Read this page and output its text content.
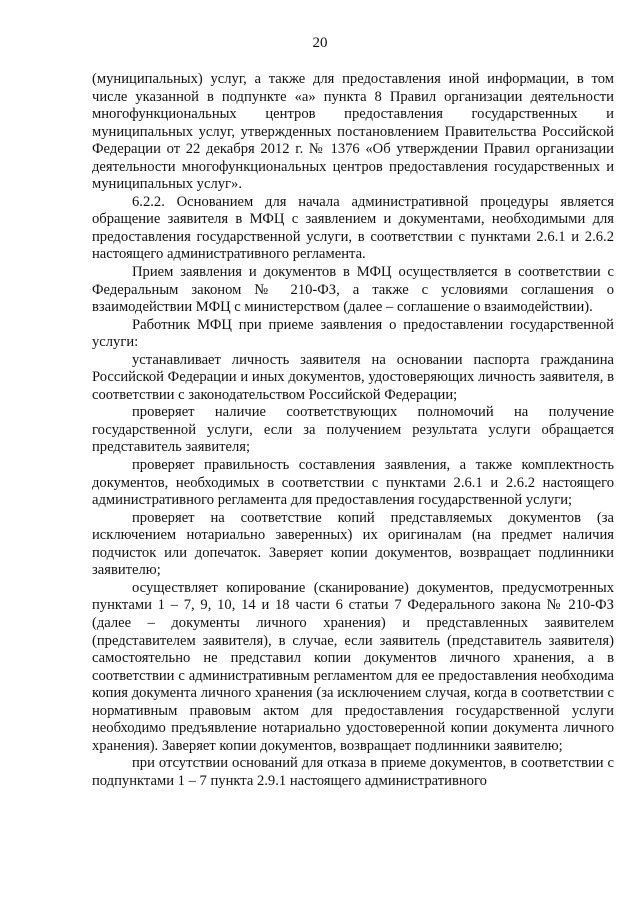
20

(муниципальных) услуг, а также для предоставления иной информации, в том числе указанной в подпункте «а» пункта 8 Правил организации деятельности многофункциональных центров предоставления государственных и муниципальных услуг, утвержденных постановлением Правительства Российской Федерации от 22 декабря 2012 г. № 1376 «Об утверждении Правил организации деятельности многофункциональных центров предоставления государственных и муниципальных услуг».

6.2.2. Основанием для начала административной процедуры является обращение заявителя в МФЦ с заявлением и документами, необходимыми для предоставления государственной услуги, в соответствии с пунктами 2.6.1 и 2.6.2 настоящего административного регламента.

Прием заявления и документов в МФЦ осуществляется в соответствии с Федеральным законом № 210-ФЗ, а также с условиями соглашения о взаимодействии МФЦ с министерством (далее – соглашение о взаимодействии).

Работник МФЦ при приеме заявления о предоставлении государственной услуги:

устанавливает личность заявителя на основании паспорта гражданина Российской Федерации и иных документов, удостоверяющих личность заявителя, в соответствии с законодательством Российской Федерации;

проверяет наличие соответствующих полномочий на получение государственной услуги, если за получением результата услуги обращается представитель заявителя;

проверяет правильность составления заявления, а также комплектность документов, необходимых в соответствии с пунктами 2.6.1 и 2.6.2 настоящего административного регламента для предоставления государственной услуги;

проверяет на соответствие копий представляемых документов (за исключением нотариально заверенных) их оригиналам (на предмет наличия подчисток или допечаток. Заверяет копии документов, возвращает подлинники заявителю;

осуществляет копирование (сканирование) документов, предусмотренных пунктами 1 – 7, 9, 10, 14 и 18 части 6 статьи 7 Федерального закона № 210-ФЗ (далее – документы личного хранения) и представленных заявителем (представителем заявителя), в случае, если заявитель (представитель заявителя) самостоятельно не представил копии документов личного хранения, а в соответствии с административным регламентом для ее предоставления необходима копия документа личного хранения (за исключением случая, когда в соответствии с нормативным правовым актом для предоставления государственной услуги необходимо предъявление нотариально удостоверенной копии документа личного хранения). Заверяет копии документов, возвращает подлинники заявителю;

при отсутствии оснований для отказа в приеме документов, в соответствии с подпунктами 1 – 7 пункта 2.9.1 настоящего административного
